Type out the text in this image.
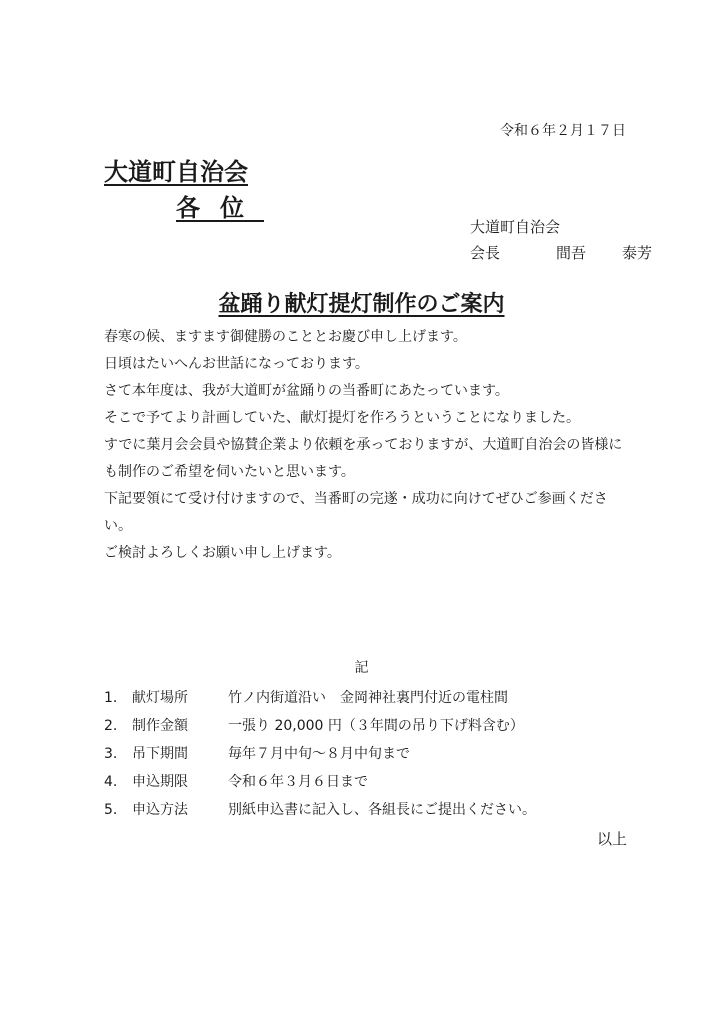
令和６年２月１７日
大道町自治会
各位
大道町自治会
会長	間吾 泰芳
盆踊り献灯提灯制作のご案内

春寒の候、ますます御健勝のこととお慶び申し上げます。

日頃はたいへんお世話になっております。

さて本年度は、我が大道町が盆踊りの当番町にあたっています。

そこで予てより計画していた、献灯提灯を作ろうということになりました。

すでに葉月会会員や協賛企業より依頼を承っておりますが、大道町自治会の皆様にも制作のご希望を伺いたいと思います。

下記要領にて受け付けますので、当番町の完遂・成功に向けてぜひご参画ください。

ご検討よろしくお願い申し上げます。

記
1.	献灯場所	竹ノ内街道沿い　金岡神社裏門付近の電柱間
2.	制作金額	一張り 20,000 円（３年間の吊り下げ料含む）
3.	吊下期間	毎年７月中旬～８月中旬まで
4.	申込期限	令和６年３月６日まで
5.	申込方法	別紙申込書に記入し、各組長にご提出ください。
以上
